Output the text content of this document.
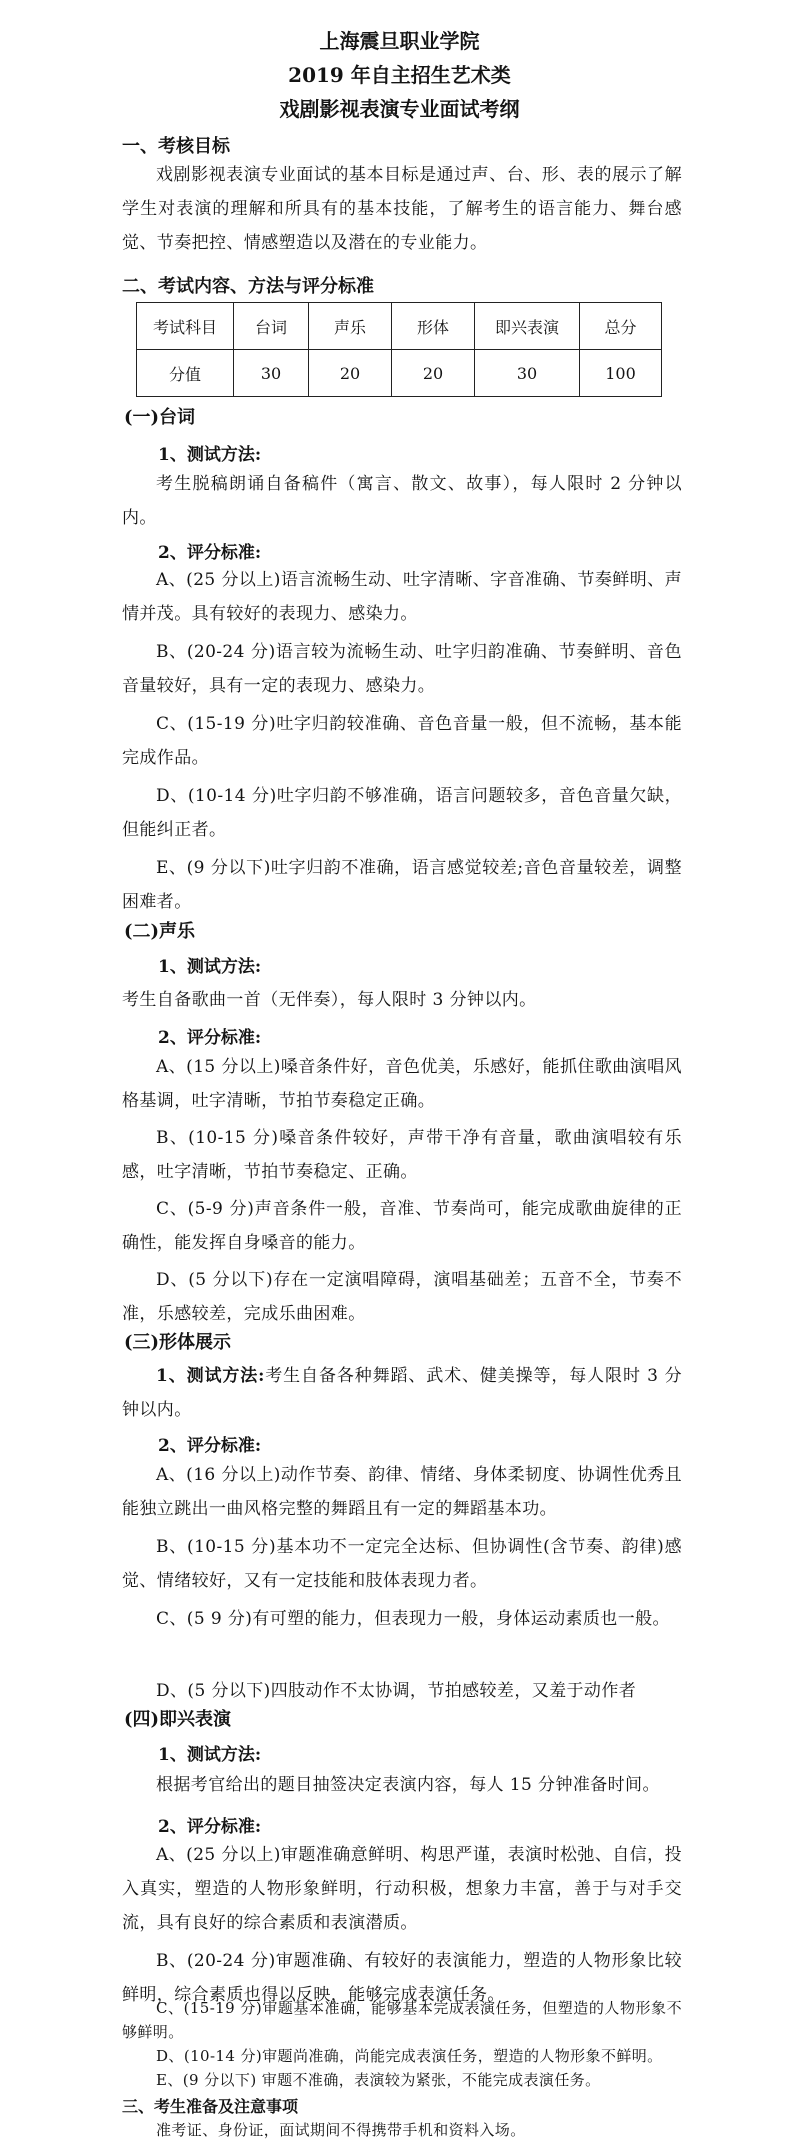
上海震旦职业学院
2019 年自主招生艺术类
戏剧影视表演专业面试考纲
一、考核目标
戏剧影视表演专业面试的基本目标是通过声、台、形、表的展示了解学生对表演的理解和所具有的基本技能，了解考生的语言能力、舞台感觉、节奏把控、情感塑造以及潜在的专业能力。
二、考试内容、方法与评分标准
考试科目	台词	声乐	形体	即兴表演	总分
分值	30	20	20	30	100
(一)台词
1、测试方法:
考生脱稿朗诵自备稿件（寓言、散文、故事），每人限时 2 分钟以内。
2、评分标准:
A、(25 分以上)语言流畅生动、吐字清晰、字音准确、节奏鲜明、声情并茂。具有较好的表现力、感染力。
B、(20-24 分)语言较为流畅生动、吐字归韵准确、节奏鲜明、音色音量较好，具有一定的表现力、感染力。
C、(15-19 分)吐字归韵较准确、音色音量一般，但不流畅，基本能完成作品。
D、(10-14 分)吐字归韵不够准确，语言问题较多，音色音量欠缺，但能纠正者。
E、(9 分以下)吐字归韵不准确，语言感觉较差;音色音量较差，调整困难者。
(二)声乐
1、测试方法:
考生自备歌曲一首（无伴奏），每人限时 3 分钟以内。
2、评分标准:
A、(15 分以上)嗓音条件好，音色优美，乐感好，能抓住歌曲演唱风格基调，吐字清晰，节拍节奏稳定正确。
B、(10-15 分)嗓音条件较好，声带干净有音量，歌曲演唱较有乐感，吐字清晰，节拍节奏稳定、正确。
C、(5-9 分)声音条件一般，音准、节奏尚可，能完成歌曲旋律的正确性，能发挥自身嗓音的能力。
D、(5 分以下)存在一定演唱障碍，演唱基础差；五音不全，节奏不准，乐感较差，完成乐曲困难。
(三)形体展示
1、测试方法:考生自备各种舞蹈、武术、健美操等，每人限时 3 分钟以内。
2、评分标准:
A、(16 分以上)动作节奏、韵律、情绪、身体柔韧度、协调性优秀且能独立跳出一曲风格完整的舞蹈且有一定的舞蹈基本功。
B、(10-15 分)基本功不一定完全达标、但协调性(含节奏、韵律)感觉、情绪较好，又有一定技能和肢体表现力者。
C、(5 9 分)有可塑的能力，但表现力一般，身体运动素质也一般。
D、(5 分以下)四肢动作不太协调，节拍感较差，又羞于动作者
(四)即兴表演
1、测试方法:
根据考官给出的题目抽签决定表演内容，每人 15 分钟准备时间。
2、评分标准:
A、(25 分以上)审题准确意鲜明、构思严谨，表演时松弛、自信，投入真实，塑造的人物形象鲜明，行动积极，想象力丰富，善于与对手交流，具有良好的综合素质和表演潜质。
B、(20-24 分)审题准确、有较好的表演能力，塑造的人物形象比较鲜明，综合素质也得以反映，能够完成表演任务。
C、(15-19 分)审题基本准确，能够基本完成表演任务，但塑造的人物形象不够鲜明。
D、(10-14 分)审题尚准确，尚能完成表演任务，塑造的人物形象不鲜明。
E、(9 分以下) 审题不准确，表演较为紧张，不能完成表演任务。
三、考生准备及注意事项
准考证、身份证，面试期间不得携带手机和资料入场。
